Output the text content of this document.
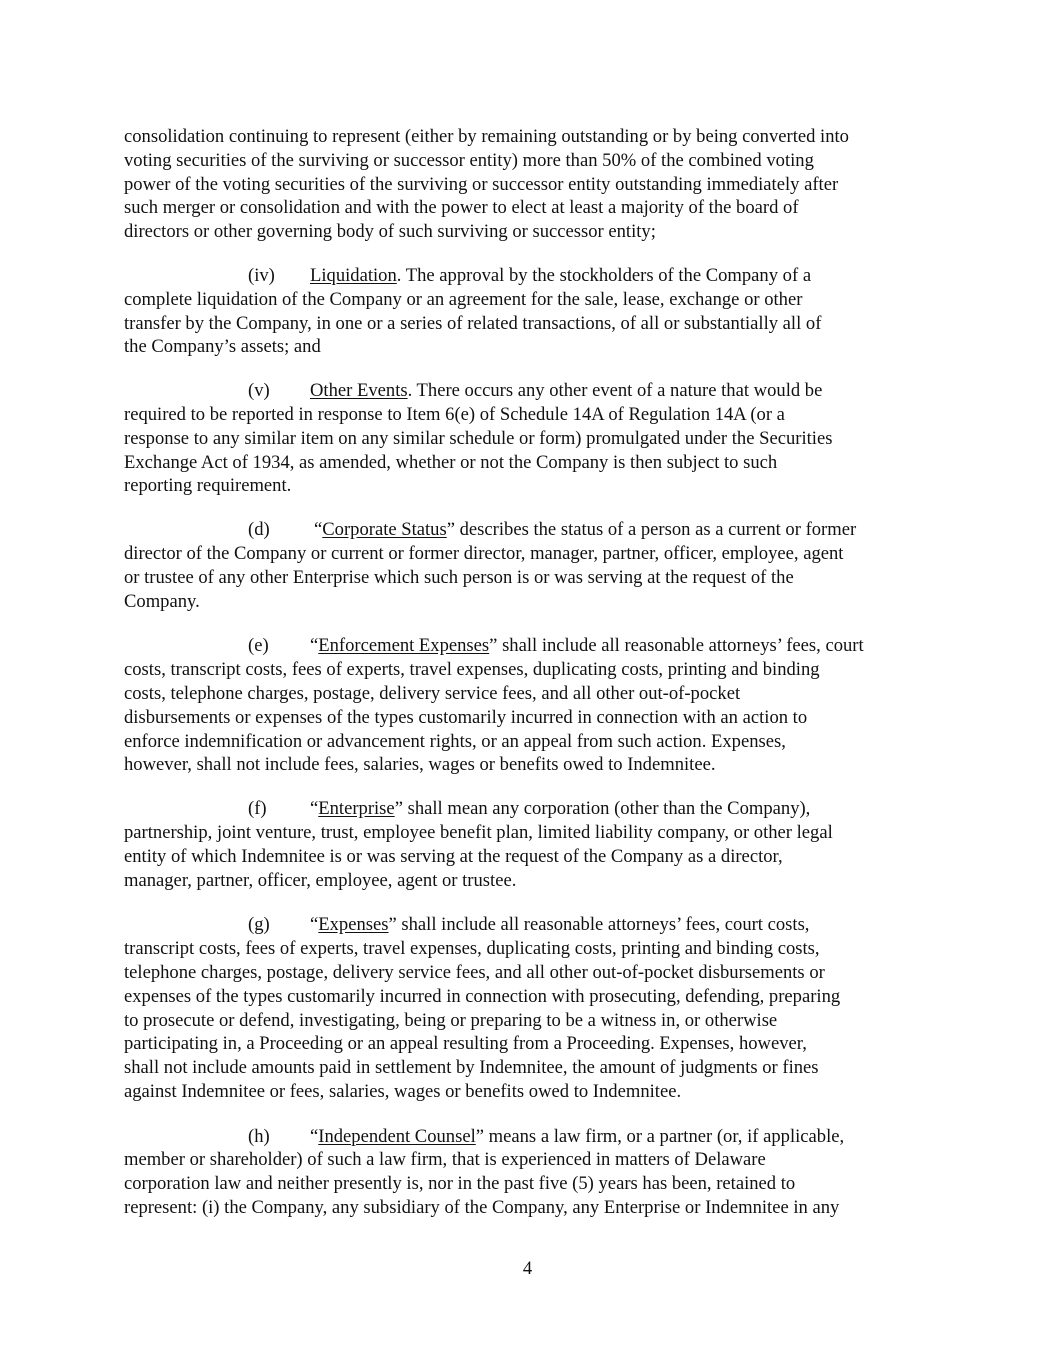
consolidation continuing to represent (either by remaining outstanding or by being converted into
voting securities of the surviving or successor entity) more than 50% of the combined voting
power of the voting securities of the surviving or successor entity outstanding immediately after
such merger or consolidation and with the power to elect at least a majority of the board of
directors or other governing body of such surviving or successor entity;

(iv) Liquidation. The approval by the stockholders of the Company of a
complete liquidation of the Company or an agreement for the sale, lease, exchange or other
transfer by the Company, in one or a series of related transactions, of all or substantially all of
the Company’s assets; and

(v) Other Events. There occurs any other event of a nature that would be
required to be reported in response to Item 6(e) of Schedule 14A of Regulation 14A (or a
response to any similar item on any similar schedule or form) promulgated under the Securities
Exchange Act of 1934, as amended, whether or not the Company is then subject to such
reporting requirement.

(d) “Corporate Status” describes the status of a person as a current or former
director of the Company or current or former director, manager, partner, officer, employee, agent
or trustee of any other Enterprise which such person is or was serving at the request of the
Company.

(e) “Enforcement Expenses” shall include all reasonable attorneys’ fees, court
costs, transcript costs, fees of experts, travel expenses, duplicating costs, printing and binding
costs, telephone charges, postage, delivery service fees, and all other out-of-pocket
disbursements or expenses of the types customarily incurred in connection with an action to
enforce indemnification or advancement rights, or an appeal from such action. Expenses,
however, shall not include fees, salaries, wages or benefits owed to Indemnitee.

(f) “Enterprise” shall mean any corporation (other than the Company),
partnership, joint venture, trust, employee benefit plan, limited liability company, or other legal
entity of which Indemnitee is or was serving at the request of the Company as a director,
manager, partner, officer, employee, agent or trustee.

(g) “Expenses” shall include all reasonable attorneys’ fees, court costs,
transcript costs, fees of experts, travel expenses, duplicating costs, printing and binding costs,
telephone charges, postage, delivery service fees, and all other out-of-pocket disbursements or
expenses of the types customarily incurred in connection with prosecuting, defending, preparing
to prosecute or defend, investigating, being or preparing to be a witness in, or otherwise
participating in, a Proceeding or an appeal resulting from a Proceeding. Expenses, however,
shall not include amounts paid in settlement by Indemnitee, the amount of judgments or fines
against Indemnitee or fees, salaries, wages or benefits owed to Indemnitee.

(h) “Independent Counsel” means a law firm, or a partner (or, if applicable,
member or shareholder) of such a law firm, that is experienced in matters of Delaware
corporation law and neither presently is, nor in the past five (5) years has been, retained to
represent: (i) the Company, any subsidiary of the Company, any Enterprise or Indemnitee in any

4
